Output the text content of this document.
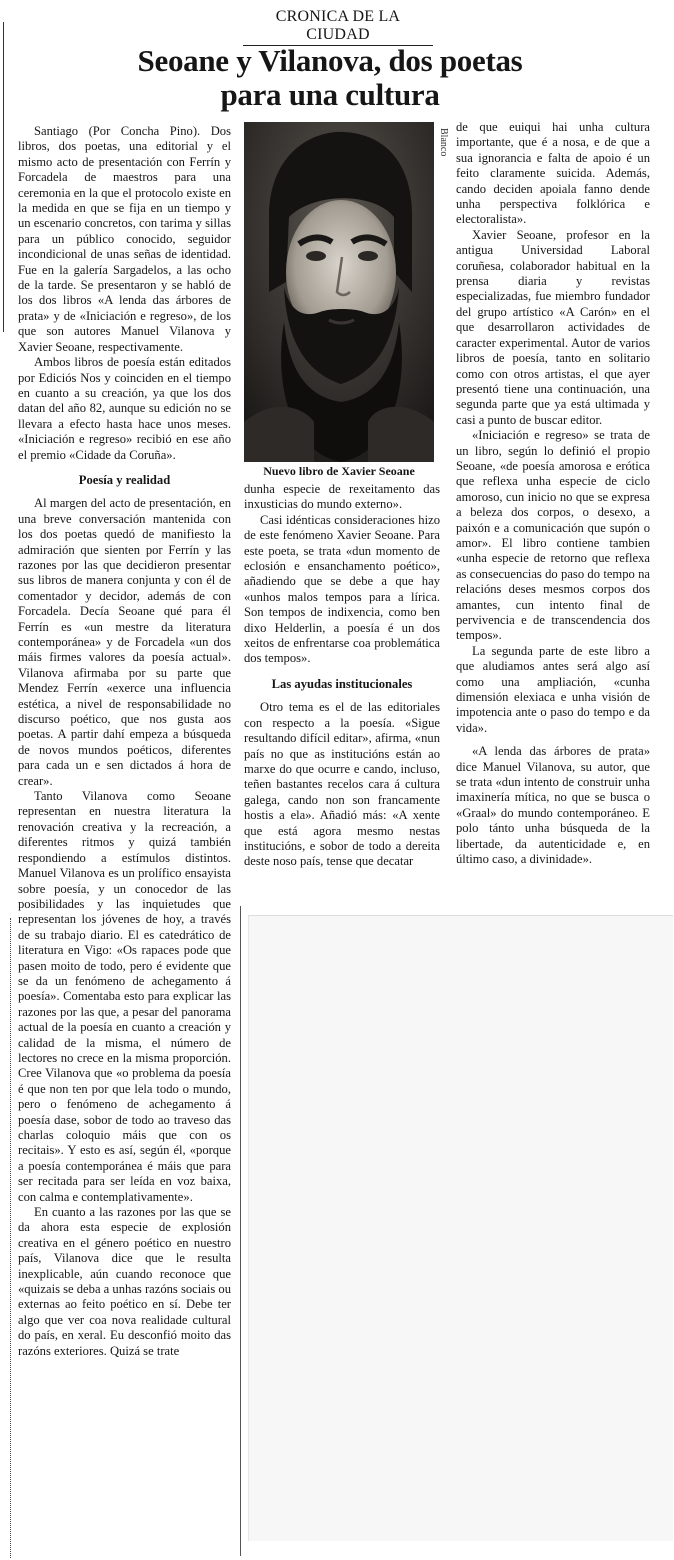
CRONICA DE LA CIUDAD
Seoane y Vilanova, dos poetas
para una cultura

Santiago (Por Concha Pino). Dos libros, dos poetas, una editorial y el mismo acto de presentación con Ferrín y Forcadela de maestros para una ceremonia en la que el protocolo existe en la medida en que se fija en un tiempo y un escenario concretos, con tarima y sillas para un público conocido, seguidor incondicional de unas señas de identidad. Fue en la galería Sargadelos, a las ocho de la tarde. Se presentaron y se habló de los dos libros «A lenda das árbores de prata» y de «Iniciación e regreso», de los que son autores Manuel Vilanova y Xavier Seoane, respectivamente.

Ambos libros de poesía están editados por Ediciós Nos y coinciden en el tiempo en cuanto a su creación, ya que los dos datan del año 82, aunque su edición no se llevara a efecto hasta hace unos meses. «Iniciación e regreso» recibió en ese año el premio «Cidade da Coruña».

Poesía y realidad

Al margen del acto de presentación, en una breve conversación mantenida con los dos poetas quedó de manifiesto la admiración que sienten por Ferrín y las razones por las que decidieron presentar sus libros de manera conjunta y con él de comentador y decidor, además de con Forcadela. Decía Seoane qué para él Ferrín es «un mestre da literatura contemporánea» y de Forcadela «un dos máis firmes valores da poesía actual». Vilanova afirmaba por su parte que Mendez Ferrín «exerce una influencia estética, a nivel de responsabilidade no discurso poético, que nos gusta aos poetas. A partir dahí empeza a búsqueda de novos mundos poéticos, diferentes para cada un e sen dictados á hora de crear».

Tanto Vilanova como Seoane representan en nuestra literatura la renovación creativa y la recreación, a diferentes ritmos y quizá también respondiendo a estímulos distintos. Manuel Vilanova es un prolífico ensayista sobre poesía, y un conocedor de las posibilidades y las inquietudes que representan los jóvenes de hoy, a través de su trabajo diario. El es catedrático de literatura en Vigo: «Os rapaces pode que pasen moito de todo, pero é evidente que se da un fenómeno de achegamento á poesía». Comentaba esto para explicar las razones por las que, a pesar del panorama actual de la poesía en cuanto a creación y calidad de la misma, el número de lectores no crece en la misma proporción. Cree Vilanova que «o problema da poesía é que non ten por que lela todo o mundo, pero o fenómeno de achegamento á poesía dase, sobor de todo ao traveso das charlas coloquio máis que con os recitais». Y esto es así, según él, «porque a poesía contemporánea é máis que para ser recitada para ser leída en voz baixa, con calma e contemplativamente».

En cuanto a las razones por las que se da ahora esta especie de explosión creativa en el género poético en nuestro país, Vilanova dice que le resulta inexplicable, aún cuando reconoce que «quizais se deba a unhas razóns sociais ou externas ao feito poético en sí. Debe ter algo que ver coa nova realidade cultural do país, en xeral. Eu desconfió moito das razóns exteriores. Quizá se trate

Blanco
Nuevo libro de Xavier Seoane

dunha especie de rexeitamento das inxusticias do mundo externo».

Casi idénticas consideraciones hizo de este fenómeno Xavier Seoane. Para este poeta, se trata «dun momento de eclosión e ensanchamento poético», añadiendo que se debe a que hay «unhos malos tempos para a lírica. Son tempos de indixencia, como ben dixo Helderlin, a poesía é un dos xeitos de enfrentarse coa problemática dos tempos».

Las ayudas institucionales

Otro tema es el de las editoriales con respecto a la poesía. «Sigue resultando difícil editar», afirma, «nun país no que as institucións están ao marxe do que ocurre e cando, incluso, teñen bastantes recelos cara á cultura galega, cando non son francamente hostis a ela». Añadió más: «A xente que está agora mesmo nestas institucións, e sobor de todo a dereita deste noso país, tense que decatar

de que euiqui hai unha cultura importante, que é a nosa, e de que a sua ignorancia e falta de apoio é un feito claramente suicida. Además, cando deciden apoiala fanno dende unha perspectiva folklórica e electoralista».

Xavier Seoane, profesor en la antigua Universidad Laboral coruñesa, colaborador habitual en la prensa diaria y revistas especializadas, fue miembro fundador del grupo artístico «A Carón» en el que desarrollaron actividades de caracter experimental. Autor de varios libros de poesía, tanto en solitario como con otros artistas, el que ayer presentó tiene una continuación, una segunda parte que ya está ultimada y casi a punto de buscar editor.

«Iniciación e regreso» se trata de un libro, según lo definió el propio Seoane, «de poesía amorosa e erótica que reflexa unha especie de ciclo amoroso, cun inicio no que se expresa a beleza dos corpos, o desexo, a paixón e a comunicación que supón o amor». El libro contiene tambien «unha especie de retorno que reflexa as consecuencias do paso do tempo na relacións deses mesmos corpos dos amantes, cun intento final de pervivencia e de transcendencia dos tempos».

La segunda parte de este libro a que aludiamos antes será algo así como una ampliación, «cunha dimensión elexiaca e unha visión de impotencia ante o paso do tempo e da vida».

«A lenda das árbores de prata» dice Manuel Vilanova, su autor, que se trata «dun intento de construir unha imaxinería mítica, no que se busca o «Graal» do mundo contemporáneo. E polo tánto unha búsqueda de la libertade, da autenticidade e, en último caso, a divinidade».
